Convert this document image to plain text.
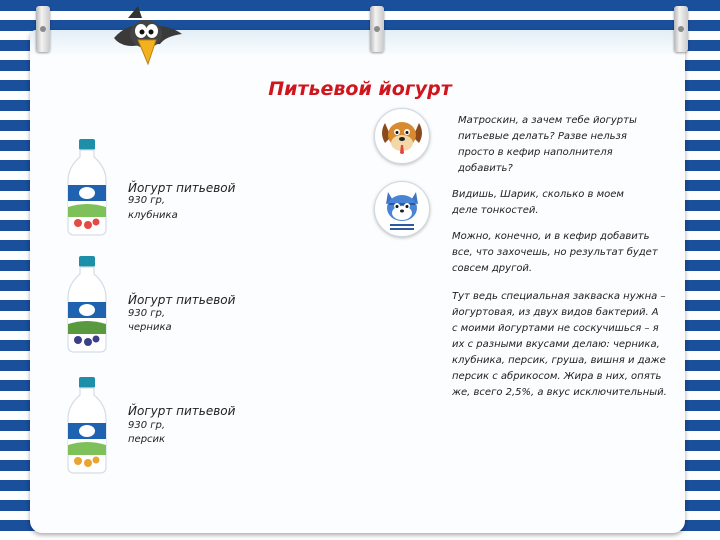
Питьевой йогурт
Йогурт питьевой
930 гр,
клубника
Йогурт питьевой
930 гр,
черника
Йогурт питьевой
930 гр,
персик
Матроскин, а зачем тебе йогурты питьевые делать? Разве нельзя просто в кефир наполнителя добавить?
Видишь, Шарик, сколько в моем деле тонкостей.
Можно, конечно, и в кефир добавить все, что захочешь, но результат будет совсем другой.
Тут ведь специальная закваска нужна – йогуртовая, из двух видов бактерий. А с моими йогуртами не соскучишься – я их с разными вкусами делаю: черника, клубника, персик, груша, вишня и даже персик с абрикосом. Жира в них, опять же, всего 2,5%, а вкус исключительный.
